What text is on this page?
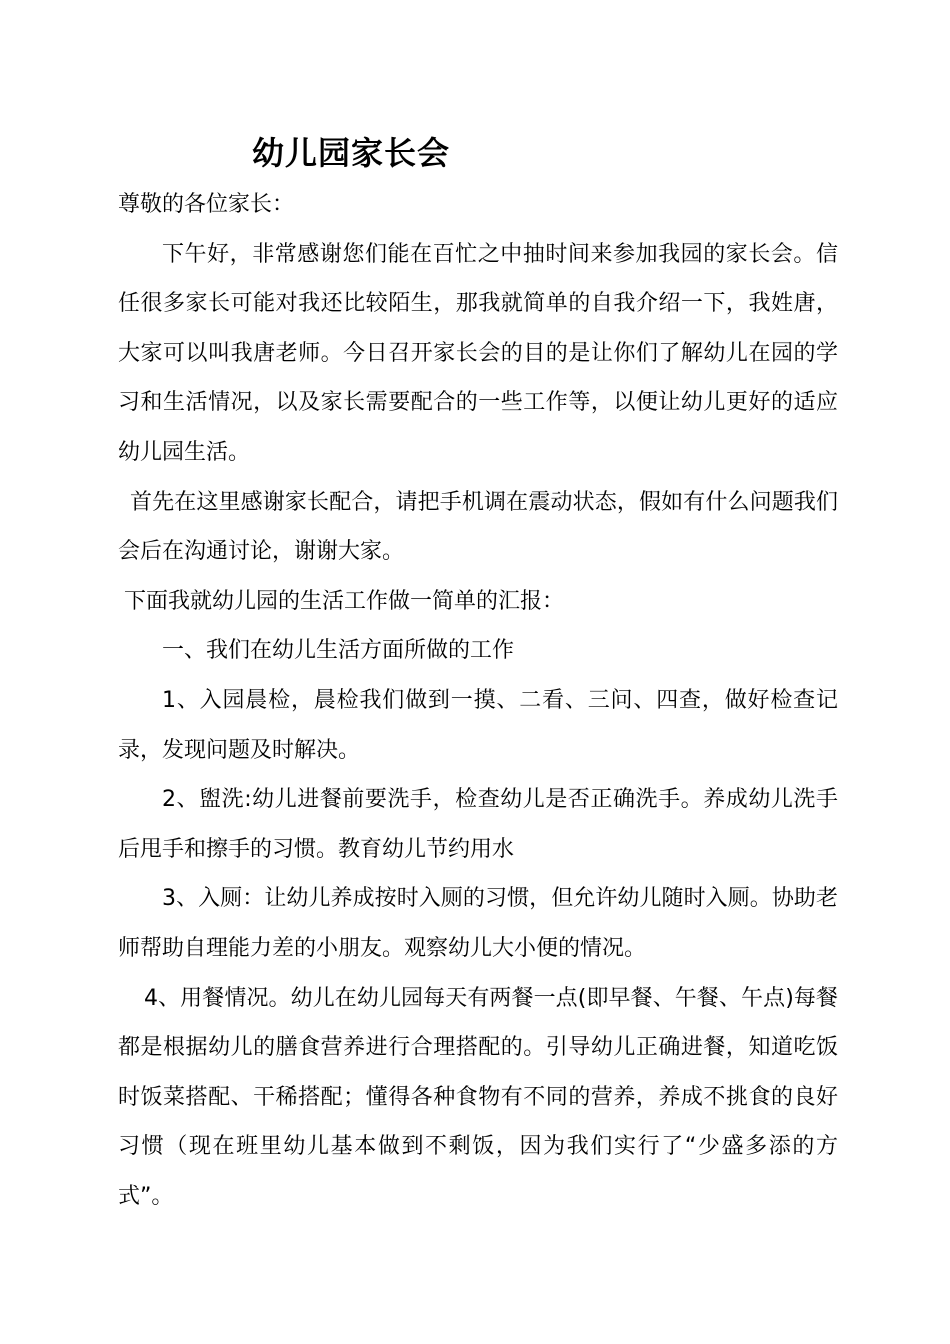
幼儿园家长会

尊敬的各位家长：

下午好，非常感谢您们能在百忙之中抽时间来参加我园的家长会。信任很多家长可能对我还比较陌生，那我就简单的自我介绍一下，我姓唐，大家可以叫我唐老师。今日召开家长会的目的是让你们了解幼儿在园的学习和生活情况，以及家长需要配合的一些工作等，以便让幼儿更好的适应幼儿园生活。

首先在这里感谢家长配合，请把手机调在震动状态，假如有什么问题我们会后在沟通讨论，谢谢大家。

下面我就幼儿园的生活工作做一简单的汇报：

一、我们在幼儿生活方面所做的工作

1、入园晨检，晨检我们做到一摸、二看、三问、四查，做好检查记录，发现问题及时解决。

2、盥洗:幼儿进餐前要洗手，检查幼儿是否正确洗手。养成幼儿洗手后甩手和擦手的习惯。教育幼儿节约用水

3、入厕：让幼儿养成按时入厕的习惯，但允许幼儿随时入厕。协助老师帮助自理能力差的小朋友。观察幼儿大小便的情况。

4、用餐情况。幼儿在幼儿园每天有两餐一点(即早餐、午餐、午点)每餐都是根据幼儿的膳食营养进行合理搭配的。引导幼儿正确进餐，知道吃饭时饭菜搭配、干稀搭配；懂得各种食物有不同的营养，养成不挑食的良好习惯（现在班里幼儿基本做到不剩饭，因为我们实行了“少盛多添的方式”。
